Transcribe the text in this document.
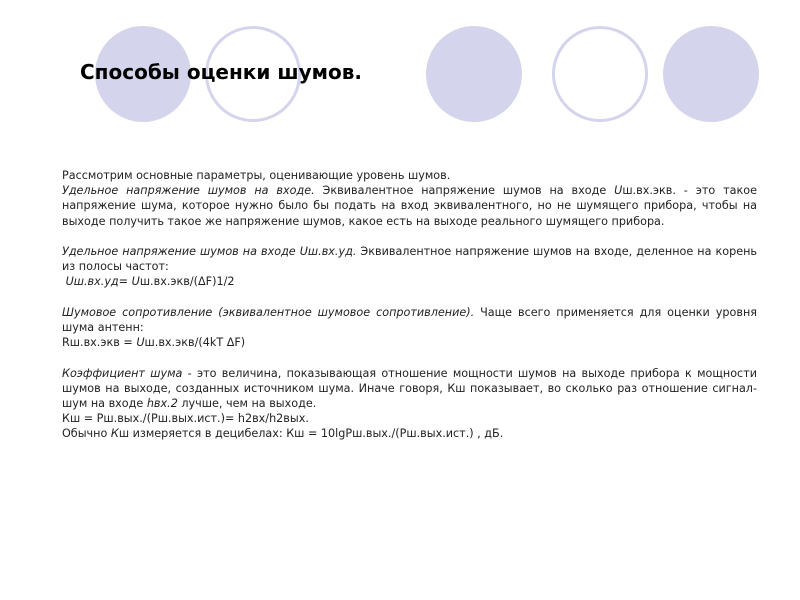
Способы оценки шумов.

Рассмотрим основные параметры, оценивающие уровень шумов.

Удельное напряжение шумов на входе. Эквивалентное напряжение шумов на входе Uш.вх.экв. - это такое напряжение шума, которое нужно было бы подать на вход эквивалентного, но не шумящего прибора, чтобы на выходе получить такое же напряжение шумов, какое есть на выходе реального шумящего прибора.

Удельное напряжение шумов на входе Uш.вх.уд. Эквивалентное напряжение шумов на входе, деленное на корень из полосы частот:

Uш.вх.уд= Uш.вх.экв/(ΔF)1/2

Шумовое сопротивление (эквивалентное шумовое сопротивление). Чаще всего применяется для оценки уровня шума антенн:

Rш.вх.экв = Uш.вх.экв/(4kT ΔF)

Коэффициент шума - это величина, показывающая отношение мощности шумов на выходе прибора к мощности шумов на выходе, созданных источником шума. Иначе говоря, Кш показывает, во сколько раз отношение сигнал-шум на входе hвх.2 лучше, чем на выходе.

Кш = Рш.вых./(Рш.вых.ист.)= h2вх/h2вых.

Обычно Кш измеряется в децибелах: Кш = 10lgРш.вых./(Рш.вых.ист.) , дБ.
